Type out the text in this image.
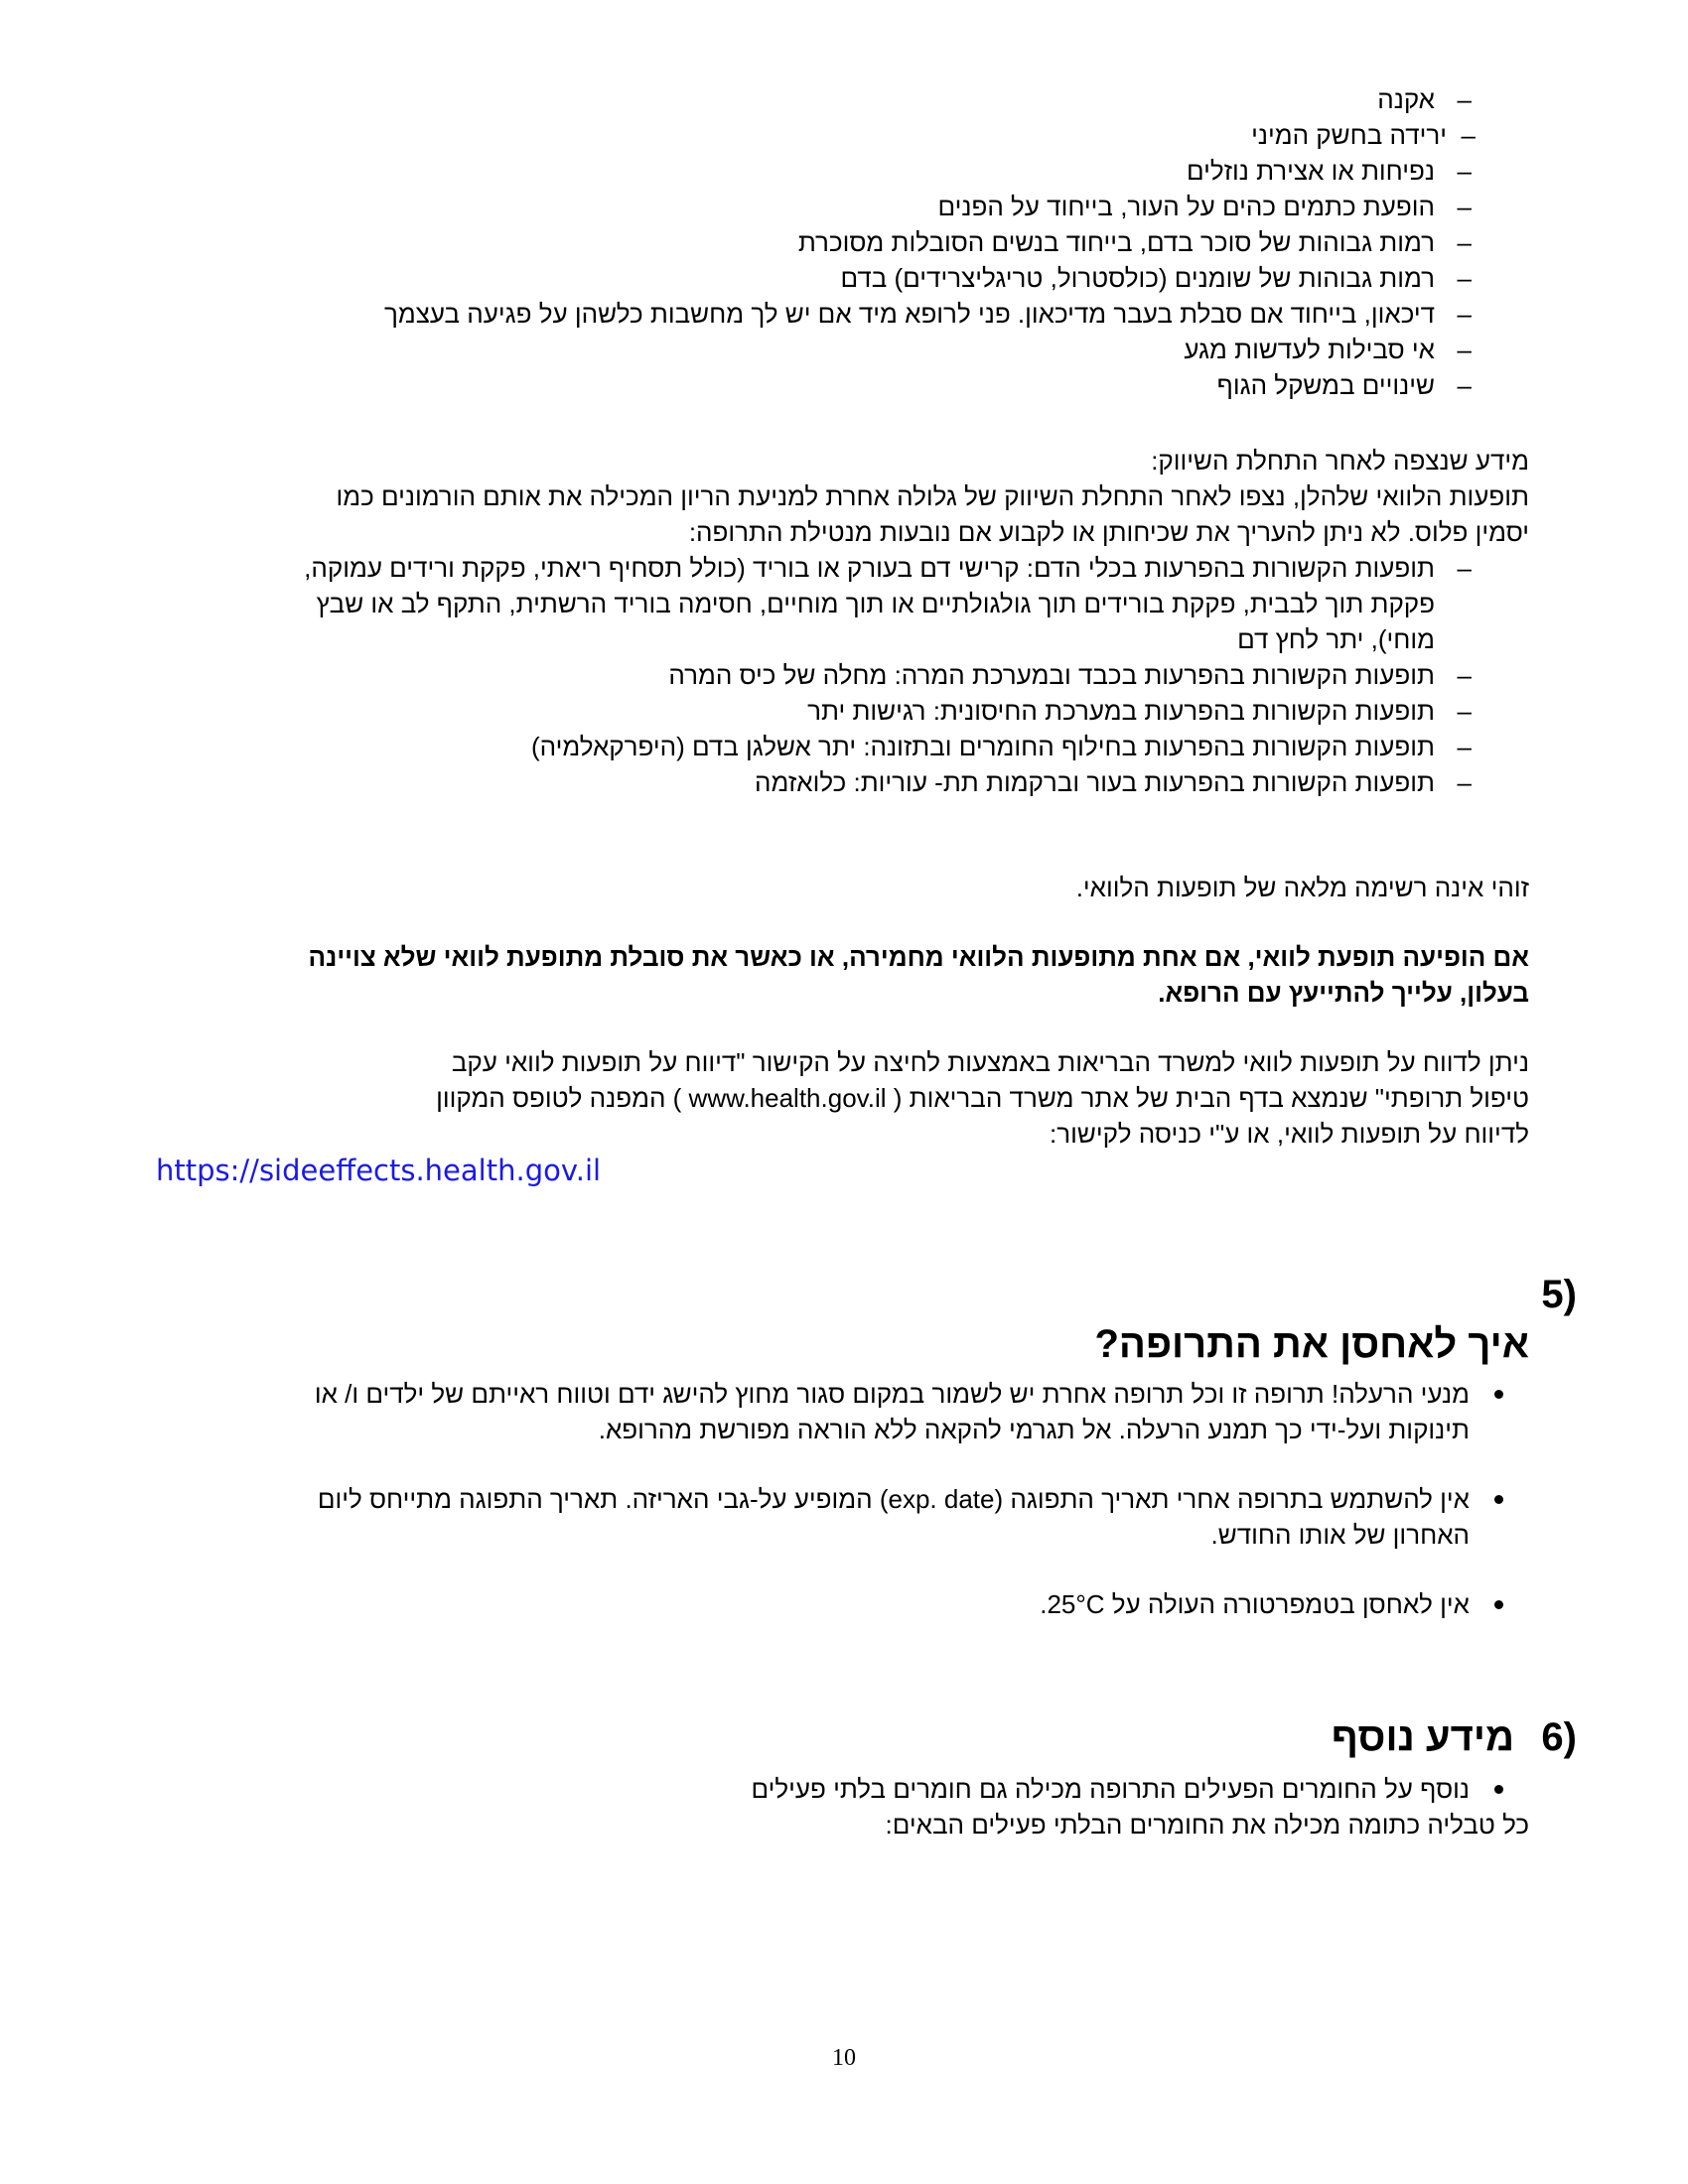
–
אקנה

–
ירידה בחשק המיני

–
נפיחות או אצירת נוזלים

–
הופעת כתמים כהים על העור, בייחוד על הפנים

–
רמות גבוהות של סוכר בדם, בייחוד בנשים הסובלות מסוכרת

–
רמות גבוהות של שומנים (כולסטרול, טריגליצרידים) בדם

–
דיכאון, בייחוד אם סבלת בעבר מדיכאון. פני לרופא מיד אם יש לך מחשבות כלשהן על פגיעה בעצמך

–
אי סבילות לעדשות מגע

–
שינויים במשקל הגוף

מידע שנצפה לאחר התחלת השיווק:

תופעות הלוואי שלהלן, נצפו לאחר התחלת השיווק של גלולה אחרת למניעת הריון המכילה את אותם הורמונים כמו

יסמין פלוס. לא ניתן להעריך את שכיחותן או לקבוע אם נובעות מנטילת התרופה:

–
תופעות הקשורות בהפרעות בכלי הדם: קרישי דם בעורק או בוריד (כולל תסחיף ריאתי, פקקת ורידים עמוקה,
פקקת תוך לבבית, פקקת בורידים תוך גולגולתיים או תוך מוחיים, חסימה בוריד הרשתית, התקף לב או שבץ
מוחי), יתר לחץ דם

–
תופעות הקשורות בהפרעות בכבד ובמערכת המרה: מחלה של כיס המרה

–
תופעות הקשורות בהפרעות במערכת החיסונית: רגישות יתר

–
תופעות הקשורות בהפרעות בחילוף החומרים ובתזונה: יתר אשלגן בדם (היפרקאלמיה)

–
תופעות הקשורות בהפרעות בעור וברקמות תת- עוריות: כלואזמה

זוהי אינה רשימה מלאה של תופעות הלוואי.

אם הופיעה תופעת לוואי, אם אחת מתופעות הלוואי מחמירה, או כאשר את סובלת מתופעת לוואי שלא צויינה

בעלון, עלייך להתייעץ עם הרופא.

ניתן לדווח על תופעות לוואי למשרד הבריאות באמצעות לחיצה על הקישור "דיווח על תופעות לוואי עקב

טיפול תרופתי" שנמצא בדף הבית של אתר משרד הבריאות ( www.health.gov.il ) המפנה לטופס המקוון

לדיווח על תופעות לוואי, או ע"י כניסה לקישור:

https://sideeffects.health.gov.il
5)
איך לאחסן את התרופה?
מנעי הרעלה! תרופה זו וכל תרופה אחרת יש לשמור במקום סגור מחוץ להישג ידם וטווח ראייתם של ילדים ו/ או
תינוקות ועל-ידי כך תמנע הרעלה. אל תגרמי להקאה ללא הוראה מפורשת מהרופא.
אין להשתמש בתרופה אחרי תאריך התפוגה (exp. date) המופיע על-גבי האריזה. תאריך התפוגה מתייחס ליום
האחרון של אותו החודש.
אין לאחסן בטמפרטורה העולה על 25°C.
6)
מידע נוסף
נוסף על החומרים הפעילים התרופה מכילה גם חומרים בלתי פעילים

כל טבליה כתומה מכילה את החומרים הבלתי פעילים הבאים:

10
